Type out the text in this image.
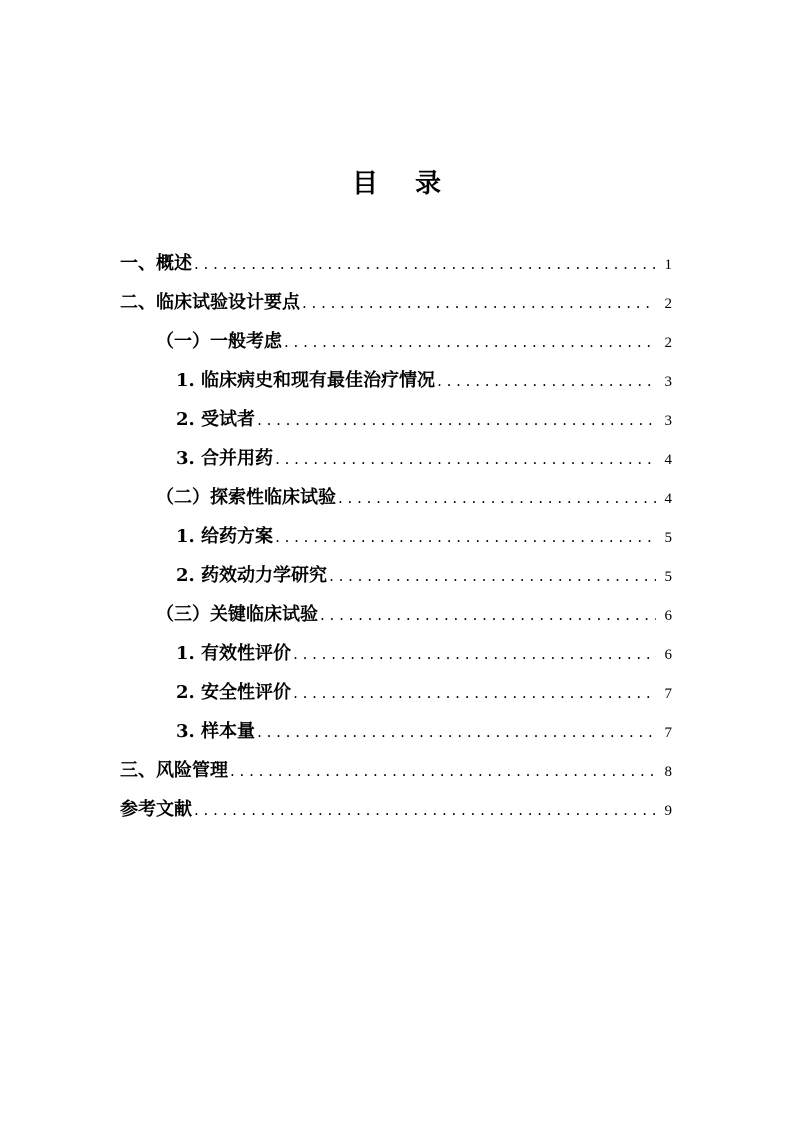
目 录
一、概述 . . .	1
二、临床试验设计要点 . . .	2
（一）一般考虑 . . .	2
1. 临床病史和现有最佳治疗情况 . . .	3
2. 受试者 . . .	3
3. 合并用药 . . .	4
（二）探索性临床试验 . . .	4
1. 给药方案 . . .	5
2. 药效动力学研究 . . .	5
（三）关键临床试验 . . .	6
1. 有效性评价 . . .	6
2. 安全性评价 . . .	7
3. 样本量 . . .	7
三、风险管理 . . .	8
参考文献 . . .	9
